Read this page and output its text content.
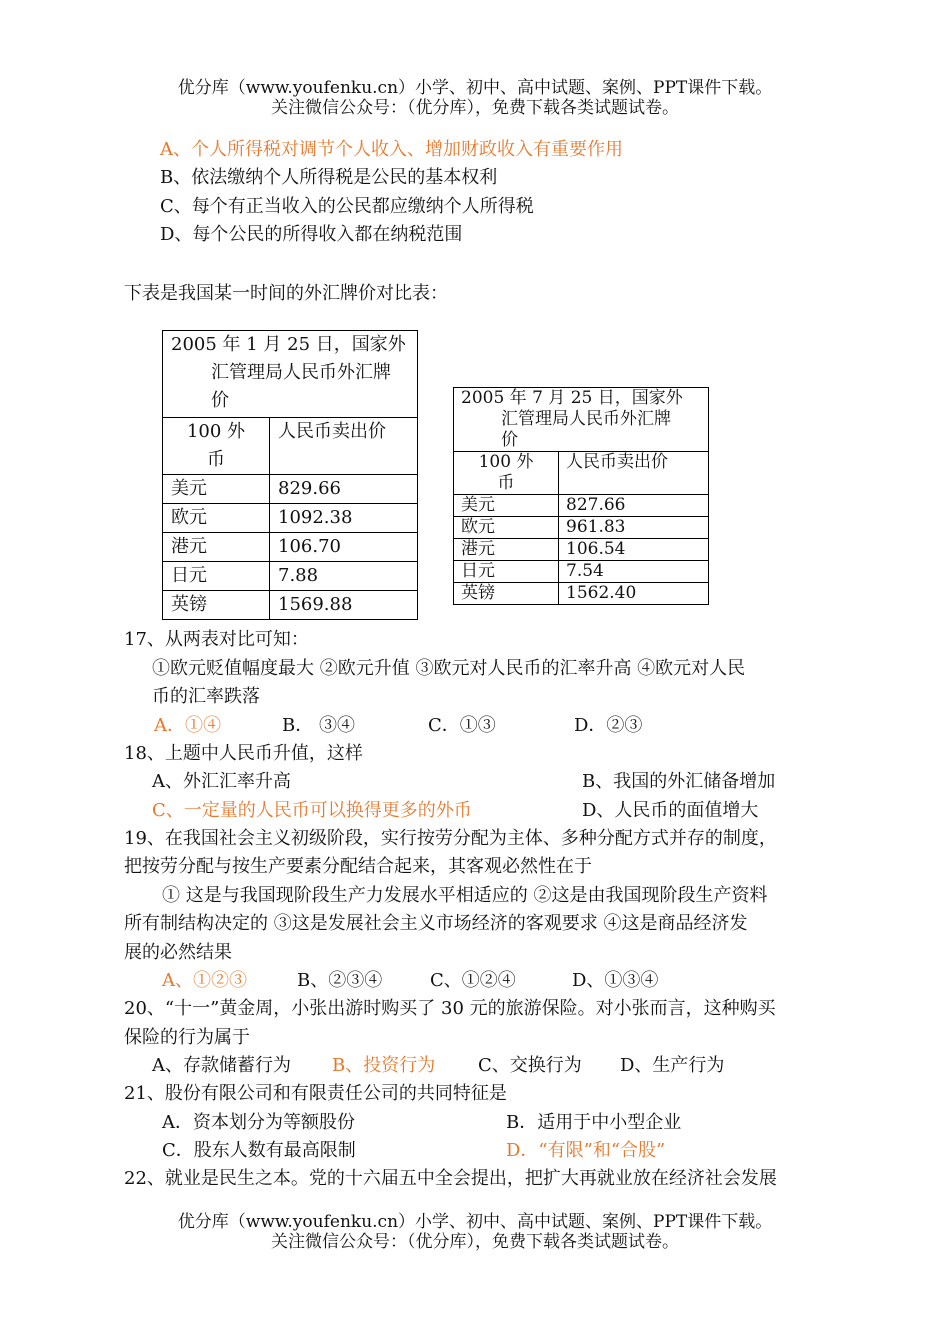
优分库（www.youfenku.cn）小学、初中、高中试题、案例、PPT课件下载。
关注微信公众号：（优分库），免费下载各类试题试卷。
A、个人所得税对调节个人收入、增加财政收入有重要作用
B、依法缴纳个人所得税是公民的基本权利
C、每个有正当收入的公民都应缴纳个人所得税
D、每个公民的所得收入都在纳税范围
下表是我国某一时间的外汇牌价对比表：
2005 年 1 月 25 日，国家外
汇管理局人民币外汇牌
价	

100 外
币	人民币卖出价
美元	829.66
欧元	1092.38
港元	106.70
日元	7.88
英镑	1569.88
2005 年 7 月 25 日，国家外
汇管理局人民币外汇牌
价	

100 外
币	人民币卖出价
美元	827.66
欧元	961.83
港元	106.54
日元	7.54
英镑	1562.40
17、从两表对比可知：
①欧元贬值幅度最大 ②欧元升值 ③欧元对人民币的汇率升高 ④欧元对人民
币的汇率跌落
A．①④	B． ③④	C．①③	D．②③
18、上题中人民币升值，这样
A、外汇汇率升高	B、我国的外汇储备增加
C、一定量的人民币可以换得更多的外币	D、人民币的面值增大
19、在我国社会主义初级阶段，实行按劳分配为主体、多种分配方式并存的制度，
把按劳分配与按生产要素分配结合起来，其客观必然性在于
① 这是与我国现阶段生产力发展水平相适应的 ②这是由我国现阶段生产资料
所有制结构决定的 ③这是发展社会主义市场经济的客观要求 ④这是商品经济发
展的必然结果
A、①②③	B、②③④	C、①②④	D、①③④
20、“十一”黄金周，小张出游时购买了 30 元的旅游保险。对小张而言，这种购买
保险的行为属于
A、存款储蓄行为 B、投资行为 C、交换行为 D、生产行为
21、股份有限公司和有限责任公司的共同特征是
A．资本划分为等额股份	B．适用于中小型企业
C．股东人数有最高限制	D．“有限”和“合股”
22、就业是民生之本。党的十六届五中全会提出，把扩大再就业放在经济社会发展
优分库（www.youfenku.cn）小学、初中、高中试题、案例、PPT课件下载。
关注微信公众号：（优分库），免费下载各类试题试卷。
